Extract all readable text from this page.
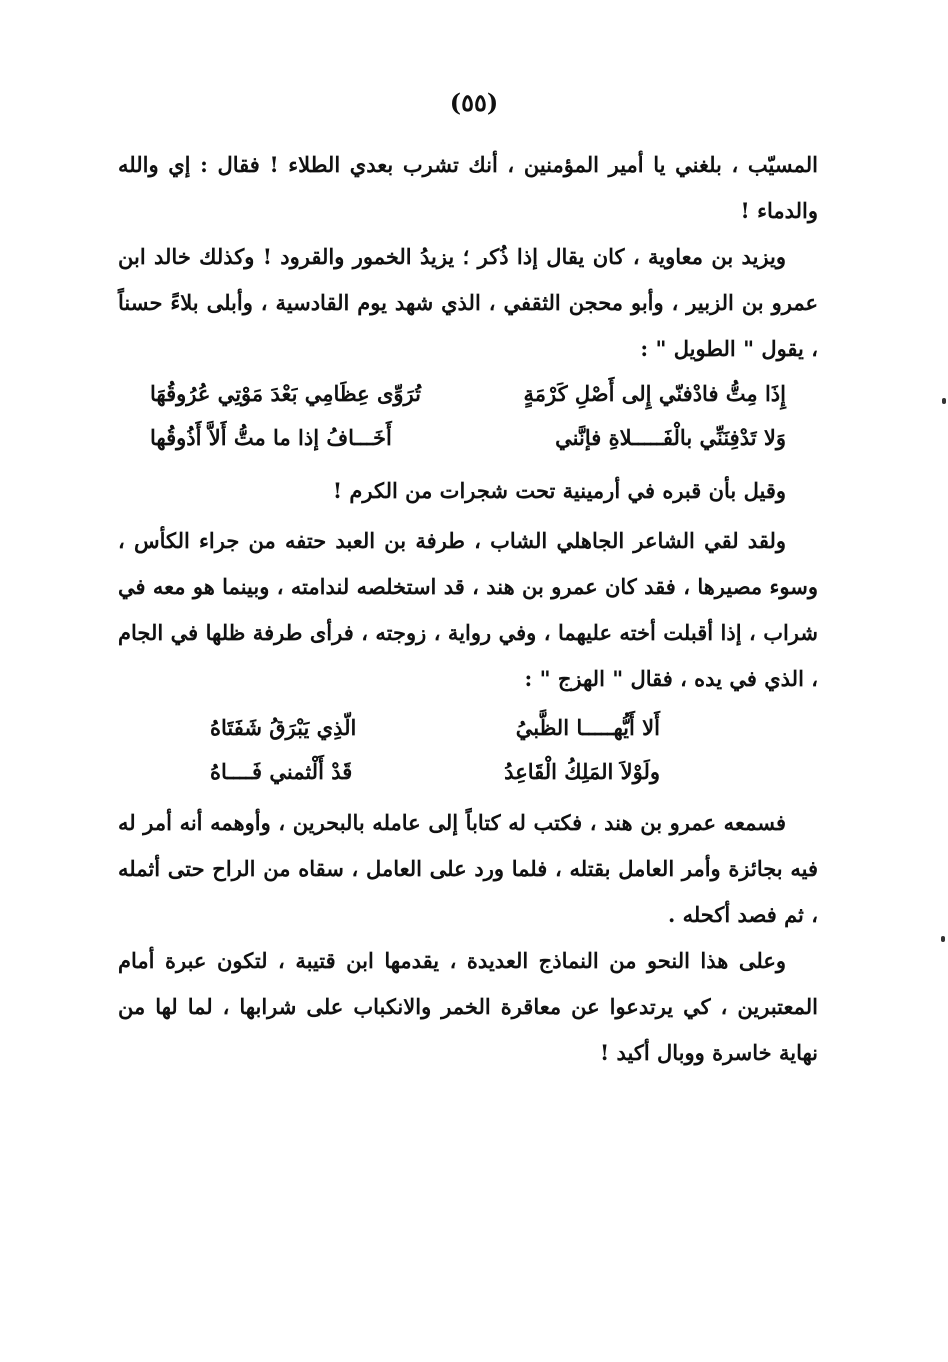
(٥٥)

المسيّب ، بلغني يا أمير المؤمنين ، أنك تشرب بعدي الطلاء ! فقال : إي والله والدماء !

ويزيد بن معاوية ، كان يقال إذا ذُكر ؛ يزيدُ الخمور والقرود ! وكذلك خالد ابن عمرو بن الزبير ، وأبو محجن الثقفي ، الذي شهد يوم القادسية ، وأبلى بلاءً حسناً ، يقول " الطويل " :

إِذَا مِتُّ فادْفنّي إِلى أَصْلِ كَرْمَةٍ
تُرَوِّى عِظَامِي بَعْدَ مَوْتِي عُرُوقُهَا
وَلا تَدْفِنَنِّي بالْفَـــــلاةِ فإنَّني
أَخَـــافُ إذا ما متُّ أَلاَّ أَذُوقُها

وقيل بأن قبره في أرمينية تحت شجرات من الكرم !

ولقد لقي الشاعر الجاهلي الشاب ، طرفة بن العبد حتفه من جراء الكأس ، وسوء مصيرها ، فقد كان عمرو بن هند ، قد استخلصه لندامته ، وبينما هو معه في شراب ، إذا أقبلت أخته عليهما ، وفي رواية ، زوجته ، فرأى طرفة ظلها في الجام ، الذي في يده ، فقال " الهزج " :

أَلا أَيُّهـــــا الظَّبيُ
الّذِي يَبْرَقُ شَفَتَاهُ
ولَوْلاَ المَلِكُ الْقَاعِدُ
قَدْ أَلْثمني فَــــاهُ

فسمعه عمرو بن هند ، فكتب له كتاباً إلى عامله بالبحرين ، وأوهمه أنه أمر له فيه بجائزة وأمر العامل بقتله ، فلما ورد على العامل ، سقاه من الراح حتى أثمله ، ثم فصد أكحله .

وعلى هذا النحو من النماذج العديدة ، يقدمها ابن قتيبة ، لتكون عبرة أمام المعتبرين ، كي يرتدعوا عن معاقرة الخمر والانكباب على شرابها ، لما لها من نهاية خاسرة ووبال أكيد !
